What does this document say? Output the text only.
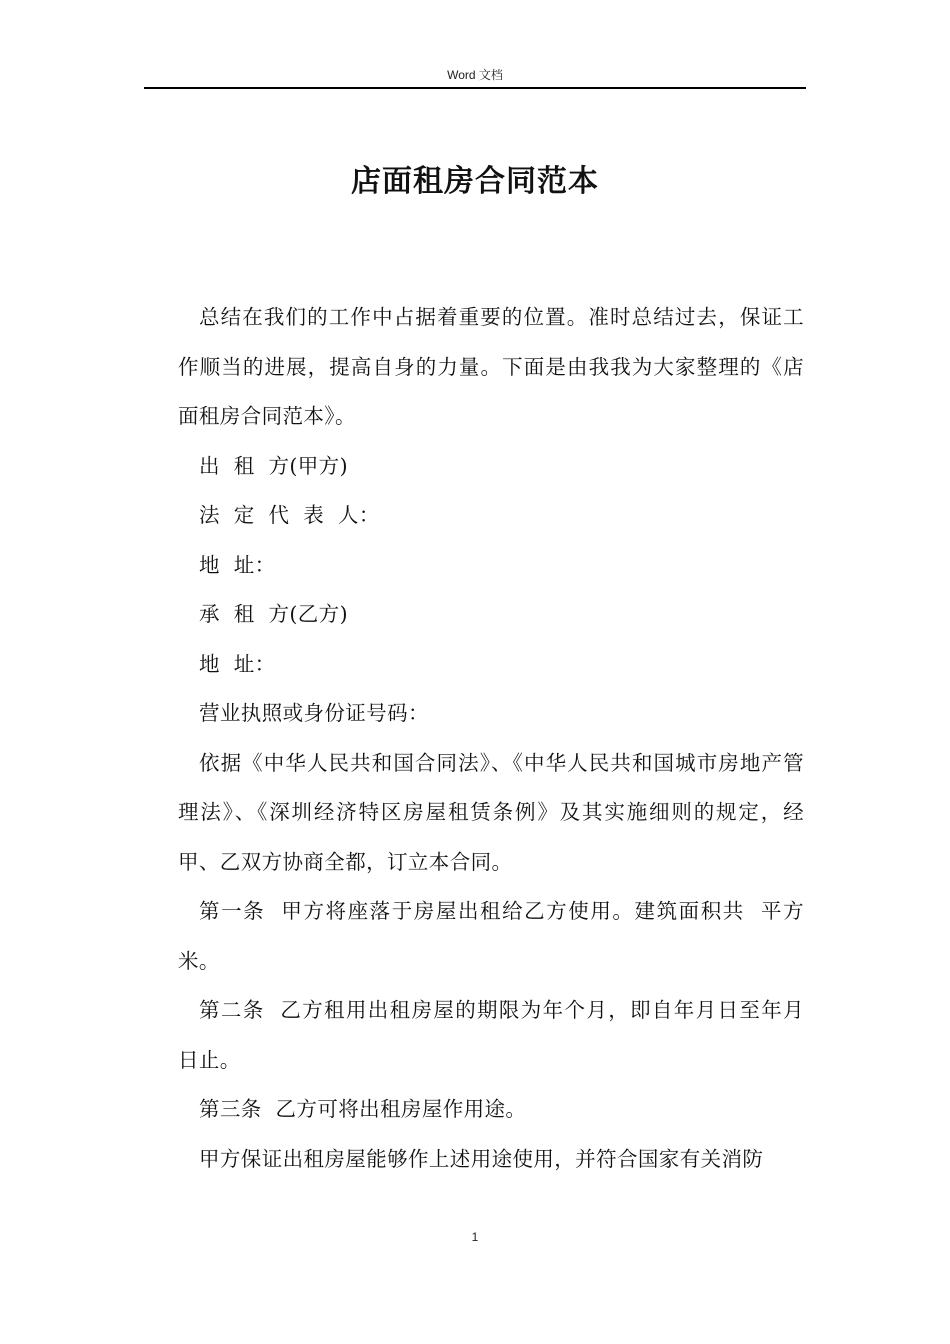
Word 文档
店面租房合同范本

总结在我们的工作中占据着重要的位置。准时总结过去，保证工作顺当的进展，提高自身的力量。下面是由我我为大家整理的《店面租房合同范本》。

出  租  方(甲方)

法  定  代  表  人：

地  址：

承  租  方(乙方)

地  址：

营业执照或身份证号码：

依据《中华人民共和国合同法》、《中华人民共和国城市房地产管理法》、《深圳经济特区房屋租赁条例》及其实施细则的规定，经甲、乙双方协商全都，订立本合同。

第一条  甲方将座落于房屋出租给乙方使用。建筑面积共  平方米。

第二条  乙方租用出租房屋的期限为年个月，即自年月日至年月  日止。

第三条  乙方可将出租房屋作用途。

甲方保证出租房屋能够作上述用途使用，并符合国家有关消防

1
